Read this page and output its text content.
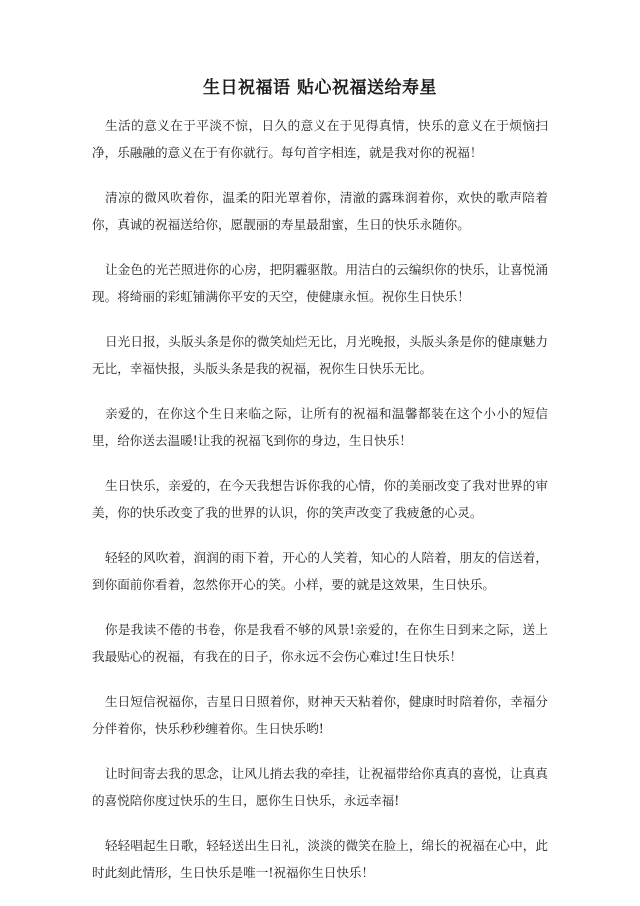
生日祝福语 贴心祝福送给寿星

生活的意义在于平淡不惊，日久的意义在于见得真情，快乐的意义在于烦恼扫净，乐融融的意义在于有你就行。每句首字相连，就是我对你的祝福！

清凉的微风吹着你，温柔的阳光罩着你，清澈的露珠润着你，欢快的歌声陪着你，真诚的祝福送给你，愿靓丽的寿星最甜蜜，生日的快乐永随你。

让金色的光芒照进你的心房，把阴霾驱散。用洁白的云编织你的快乐，让喜悦涌现。将绮丽的彩虹铺满你平安的天空，使健康永恒。祝你生日快乐！

日光日报，头版头条是你的微笑灿烂无比，月光晚报，头版头条是你的健康魅力无比，幸福快报，头版头条是我的祝福，祝你生日快乐无比。

亲爱的，在你这个生日来临之际，让所有的祝福和温馨都装在这个小小的短信里，给你送去温暖!让我的祝福飞到你的身边，生日快乐！

生日快乐，亲爱的，在今天我想告诉你我的心情，你的美丽改变了我对世界的审美，你的快乐改变了我的世界的认识，你的笑声改变了我疲惫的心灵。

轻轻的风吹着，润润的雨下着，开心的人笑着，知心的人陪着，朋友的信送着，到你面前你看着，忽然你开心的笑。小样，要的就是这效果，生日快乐。

你是我读不倦的书卷，你是我看不够的风景!亲爱的，在你生日到来之际，送上我最贴心的祝福，有我在的日子，你永远不会伤心难过!生日快乐！

生日短信祝福你，吉星日日照着你，财神天天粘着你，健康时时陪着你，幸福分分伴着你，快乐秒秒缠着你。生日快乐哟!

让时间寄去我的思念，让风儿捎去我的牵挂，让祝福带给你真真的喜悦，让真真的喜悦陪你度过快乐的生日，愿你生日快乐，永远幸福!

轻轻唱起生日歌，轻轻送出生日礼，淡淡的微笑在脸上，绵长的祝福在心中，此时此刻此情形，生日快乐是唯一!祝福你生日快乐！
